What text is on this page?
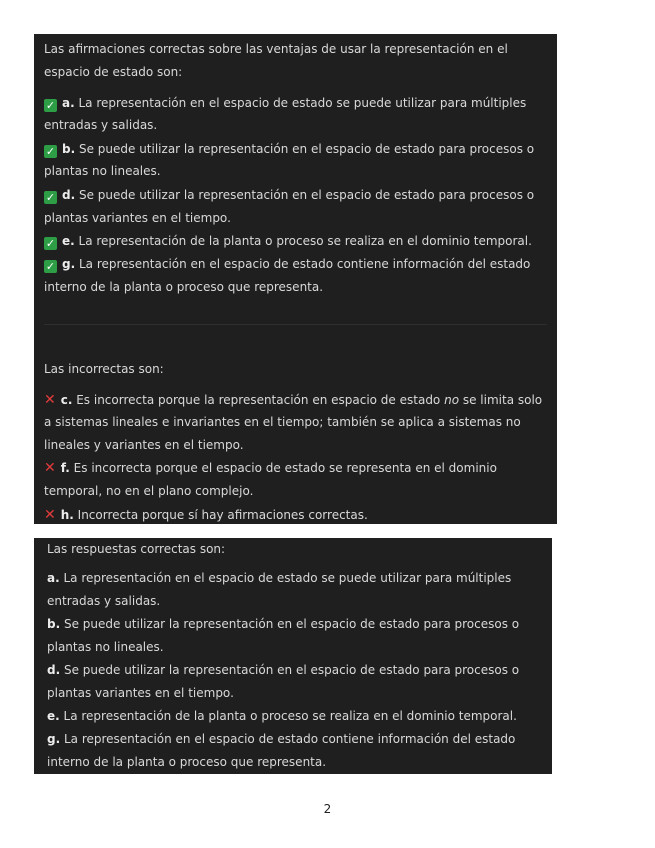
Las afirmaciones correctas sobre las ventajas de usar la representación en el espacio de estado son:

✓ a. La representación en el espacio de estado se puede utilizar para múltiples entradas y salidas.

✓ b. Se puede utilizar la representación en el espacio de estado para procesos o plantas no lineales.

✓ d. Se puede utilizar la representación en el espacio de estado para procesos o plantas variantes en el tiempo.

✓ e. La representación de la planta o proceso se realiza en el dominio temporal.

✓ g. La representación en el espacio de estado contiene información del estado interno de la planta o proceso que representa.

Las incorrectas son:

✕ c. Es incorrecta porque la representación en espacio de estado no se limita solo a sistemas lineales e invariantes en el tiempo; también se aplica a sistemas no lineales y variantes en el tiempo.

✕ f. Es incorrecta porque el espacio de estado se representa en el dominio temporal, no en el plano complejo.

✕ h. Incorrecta porque sí hay afirmaciones correctas.

Las respuestas correctas son:

a. La representación en el espacio de estado se puede utilizar para múltiples entradas y salidas.

b. Se puede utilizar la representación en el espacio de estado para procesos o plantas no lineales.

d. Se puede utilizar la representación en el espacio de estado para procesos o plantas variantes en el tiempo.

e. La representación de la planta o proceso se realiza en el dominio temporal.

g. La representación en el espacio de estado contiene información del estado interno de la planta o proceso que representa.

2
